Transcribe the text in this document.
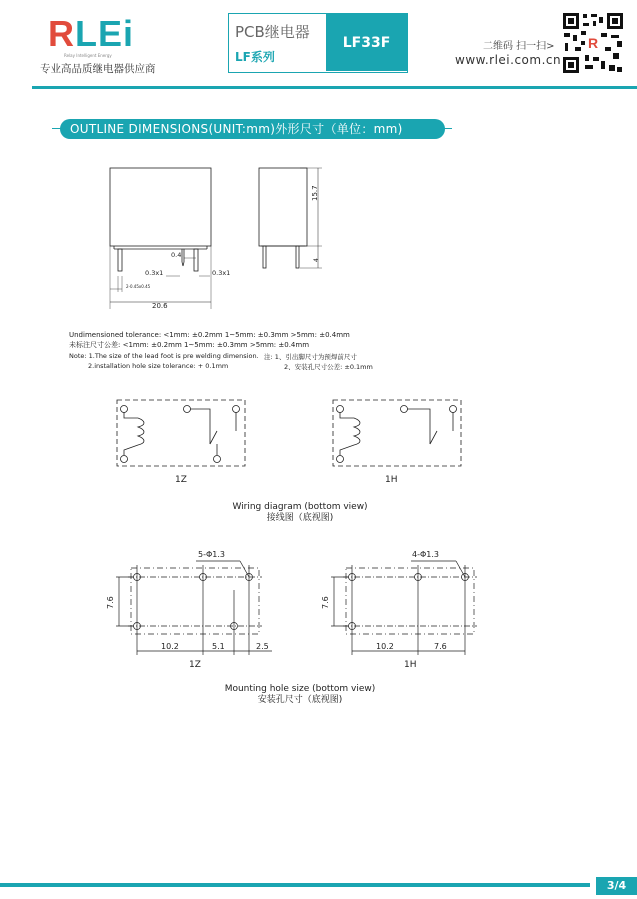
RLEi
Relay Intelligent Energy
专业高品质继电器供应商
PCB继电器
LF系列
LF33F	二维码 扫一扫>
www.rlei.com.cn
R
OUTLINE DIMENSIONS(UNIT:mm)外形尺寸（单位：mm)
0.4
0.3x1	0.3x1
2-0.45x0.45
20.6
15.7
4
Undimensioned tolerance: <1mm: ±0.2mm 1~5mm: ±0.3mm >5mm: ±0.4mm
未标注尺寸公差: <1mm: ±0.2mm 1~5mm: ±0.3mm >5mm: ±0.4mm
Note: 1.The size of the lead foot is pre welding dimension. 注: 1、引出脚尺寸为预焊前尺寸
2.installation hole size tolerance: + 0.1mm	2、安装孔尺寸公差: ±0.1mm
1Z	1H
Wiring diagram (bottom view)
接线图（底视图)
5-Φ1.3	4-Φ1.3
7.6	7.6
10.2	5.1	2.5	10.2	7.6
1Z	1H
Mounting hole size (bottom view)
安装孔尺寸（底视图)
3/4
